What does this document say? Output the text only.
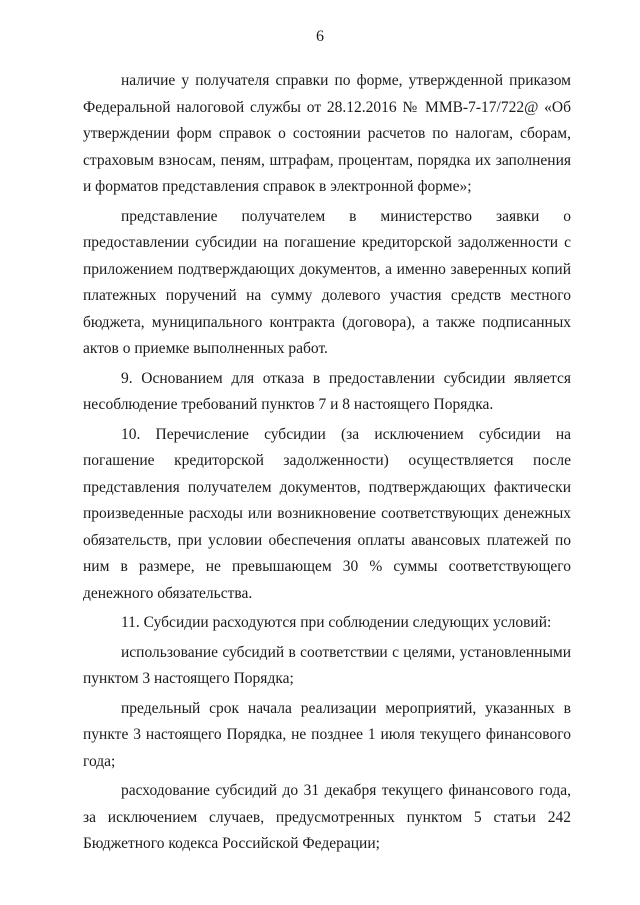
6

наличие у получателя справки по форме, утвержденной приказом Федеральной налоговой службы от 28.12.2016 № ММВ-7-17/722@ «Об утверждении форм справок о состоянии расчетов по налогам, сборам, страховым взносам, пеням, штрафам, процентам, порядка их заполнения и форматов представления справок в электронной форме»;

представление получателем в министерство заявки о предоставлении субсидии на погашение кредиторской задолженности с приложением подтверждающих документов, а именно заверенных копий платежных поручений на сумму долевого участия средств местного бюджета, муниципального контракта (договора), а также подписанных актов о приемке выполненных работ.

9. Основанием для отказа в предоставлении субсидии является несоблюдение требований пунктов 7 и 8 настоящего Порядка.

10. Перечисление субсидии (за исключением субсидии на погашение кредиторской задолженности) осуществляется после представления получателем документов, подтверждающих фактически произведенные расходы или возникновение соответствующих денежных обязательств, при условии обеспечения оплаты авансовых платежей по ним в размере, не превышающем 30 % суммы соответствующего денежного обязательства.

11. Субсидии расходуются при соблюдении следующих условий:

использование субсидий в соответствии с целями, установленными пунктом 3 настоящего Порядка;

предельный срок начала реализации мероприятий, указанных в пункте 3 настоящего Порядка, не позднее 1 июля текущего финансового года;

расходование субсидий до 31 декабря текущего финансового года, за исключением случаев, предусмотренных пунктом 5 статьи 242 Бюджетного кодекса Российской Федерации;
